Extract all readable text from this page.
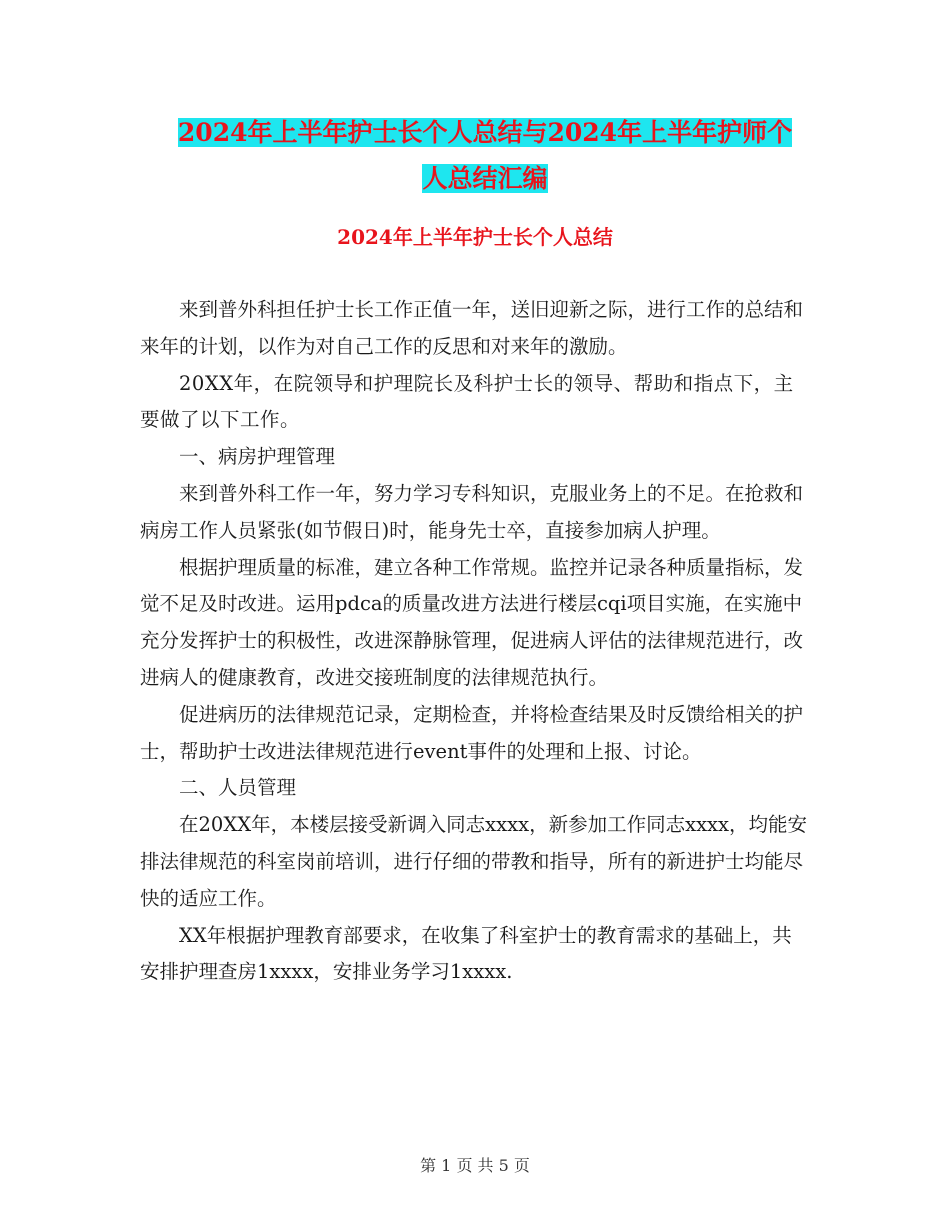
2024年上半年护士长个人总结与2024年上半年护师个
人总结汇编
2024年上半年护士长个人总结

来到普外科担任护士长工作正值一年，送旧迎新之际，进行工作的总结和来年的计划，以作为对自己工作的反思和对来年的激励。

20XX年，在院领导和护理院长及科护士长的领导、帮助和指点下，主要做了以下工作。

一、病房护理管理

来到普外科工作一年，努力学习专科知识，克服业务上的不足。在抢救和病房工作人员紧张(如节假日)时，能身先士卒，直接参加病人护理。

根据护理质量的标准，建立各种工作常规。监控并记录各种质量指标，发觉不足及时改进。运用pdca的质量改进方法进行楼层cqi项目实施，在实施中充分发挥护士的积极性，改进深静脉管理，促进病人评估的法律规范进行，改进病人的健康教育，改进交接班制度的法律规范执行。

促进病历的法律规范记录，定期检查，并将检查结果及时反馈给相关的护士，帮助护士改进法律规范进行event事件的处理和上报、讨论。

二、人员管理

在20XX年，本楼层接受新调入同志xxxx，新参加工作同志xxxx，均能安排法律规范的科室岗前培训，进行仔细的带教和指导，所有的新进护士均能尽快的适应工作。

XX年根据护理教育部要求，在收集了科室护士的教育需求的基础上，共安排护理查房1xxxx，安排业务学习1xxxx.

第 1 页 共 5 页
